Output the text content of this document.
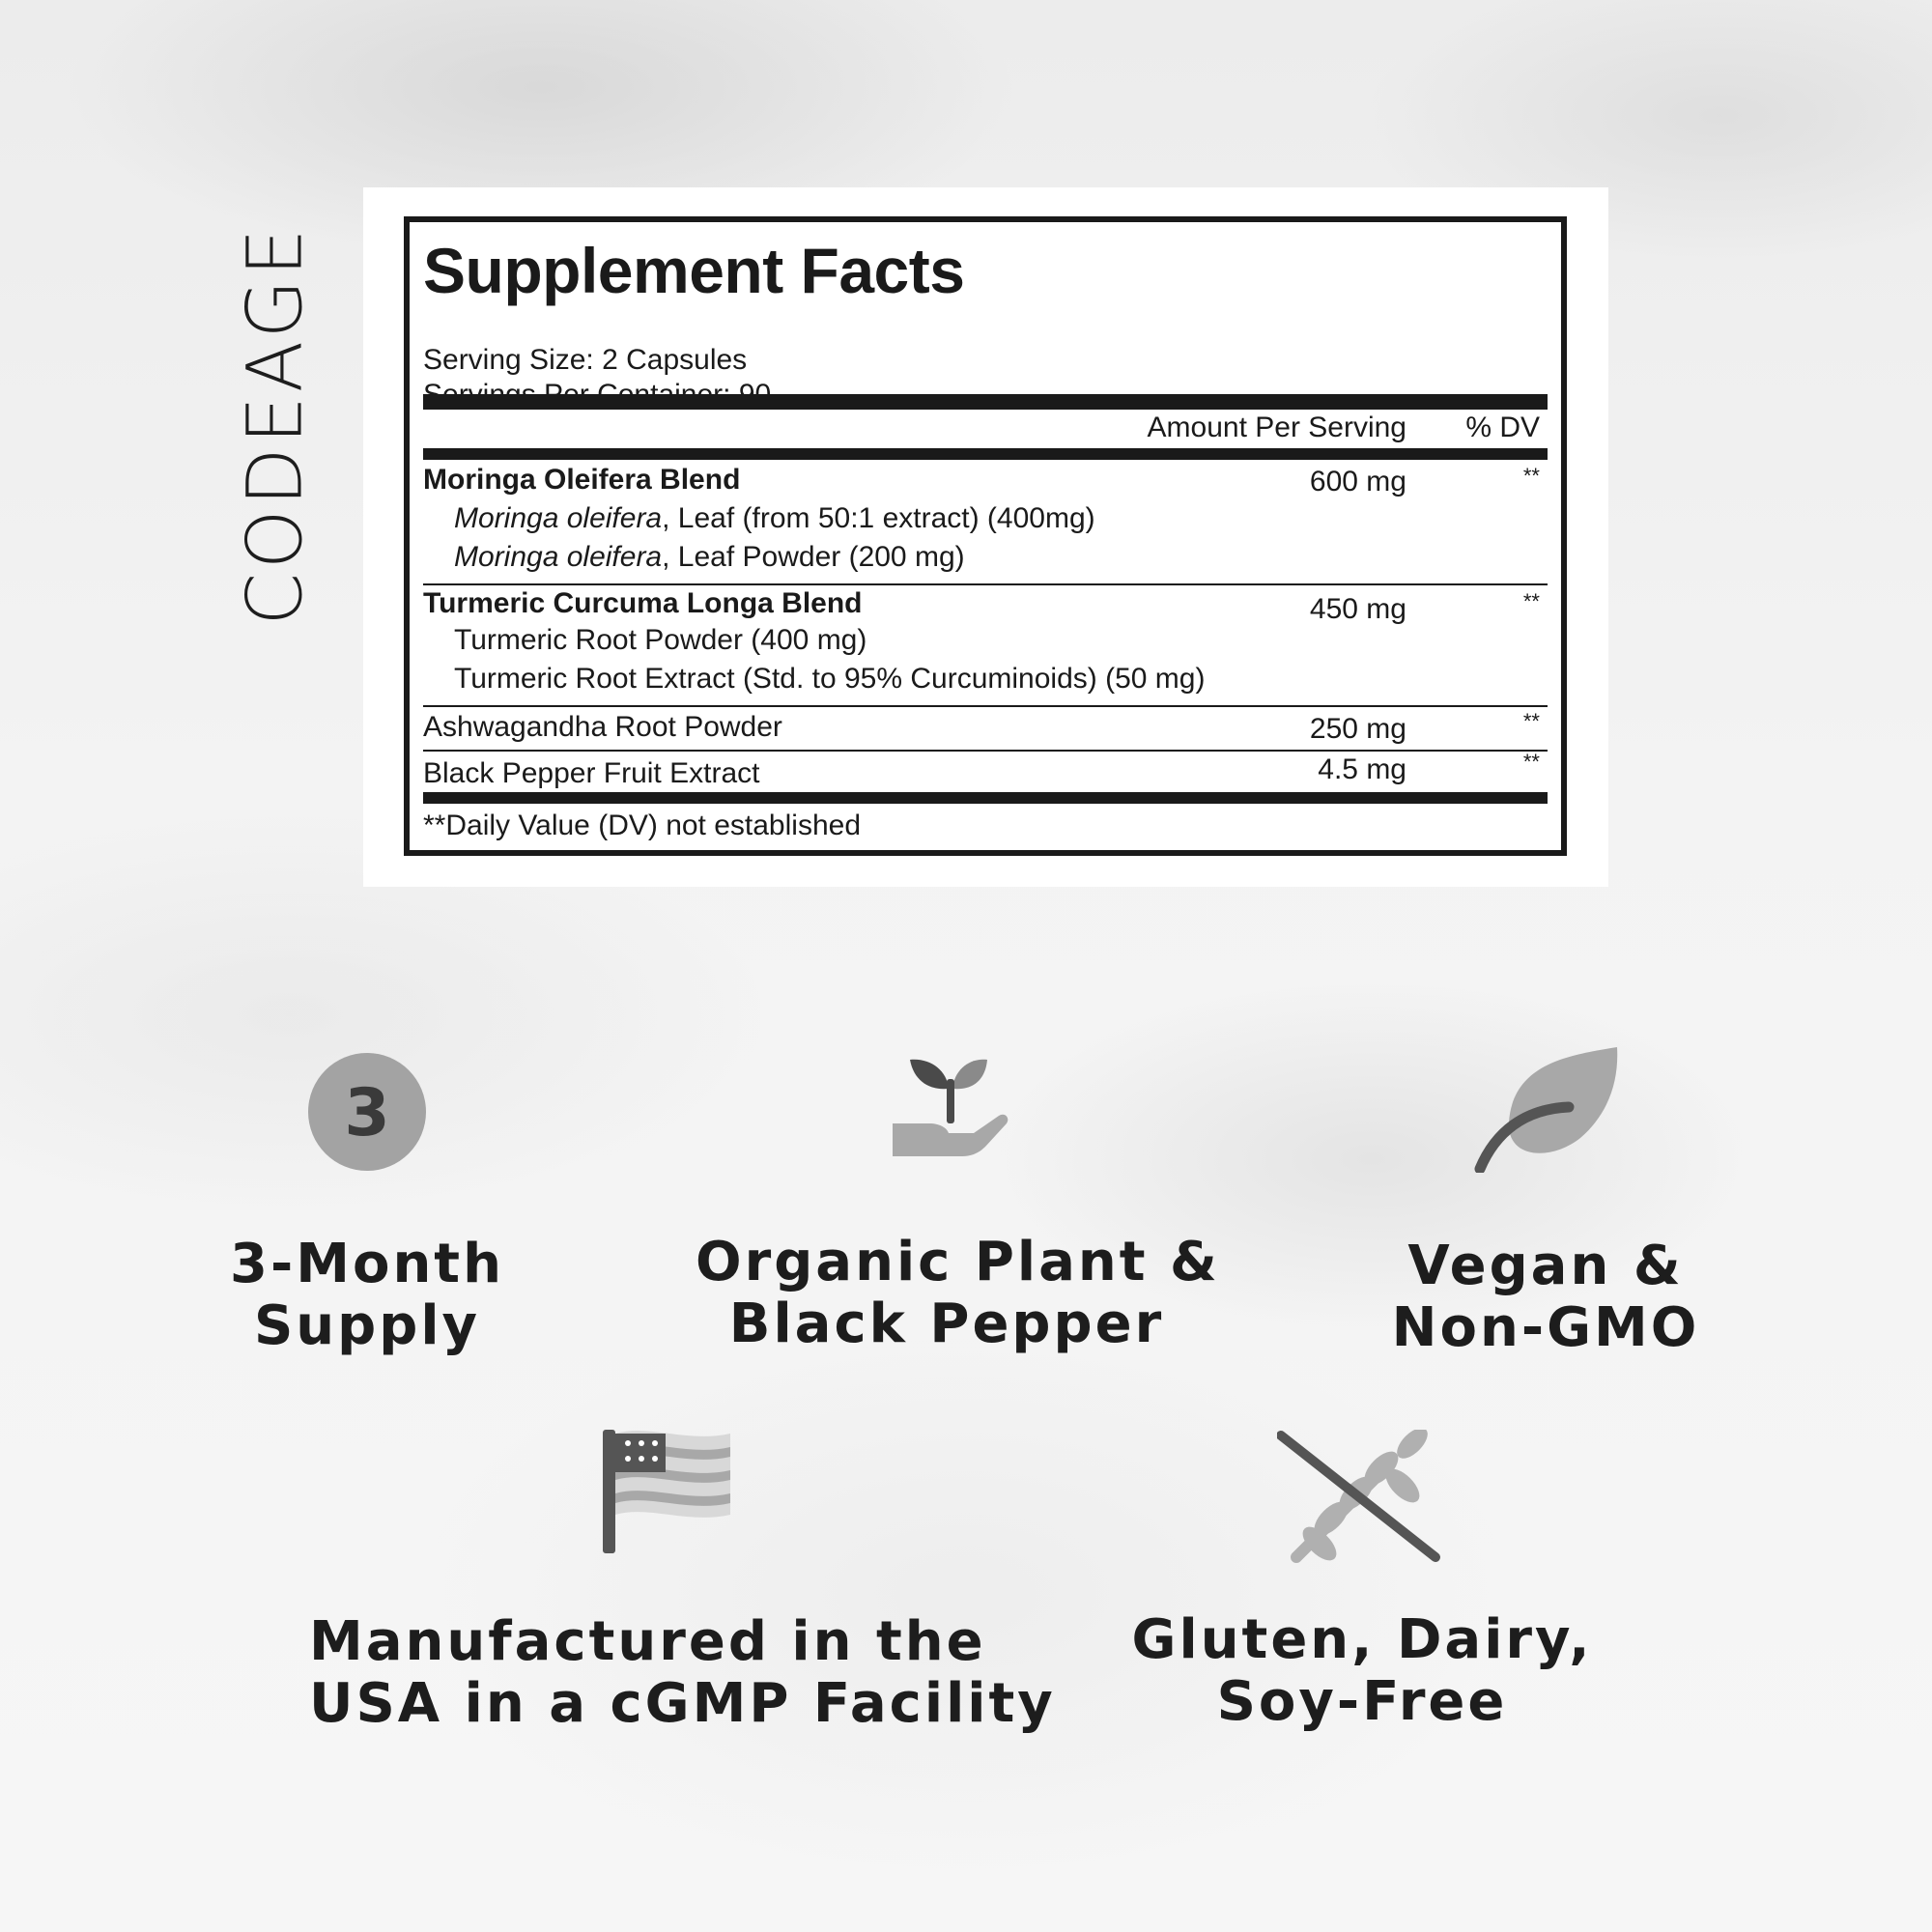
CODEAGE Supplement Facts
Serving Size: 2 Capsules
Amount Per Serving % DV
Moringa Oleifera Blend	600 mg	**
Moringa oleifera, Leaf (from 50:1 extract) (400mg)
Moringa oleifera, Leaf Powder (200 mg)
Turmeric Curcuma Longa Blend	450 mg	**
Turmeric Root Powder (400 mg)
Turmeric Root Extract (Std. to 95% Curcuminoids) (50 mg)
Ashwagandha Root Powder	250 mg	**
Black Pepper Fruit Extract	4.5 mg	**
**Daily Value (DV) not established
3
3-Month
Supply
Organic Plant &
Black Pepper
Vegan &
Non-GMO
Manufactured in the
USA in a cGMP Facility
Gluten, Dairy,
Soy-Free
